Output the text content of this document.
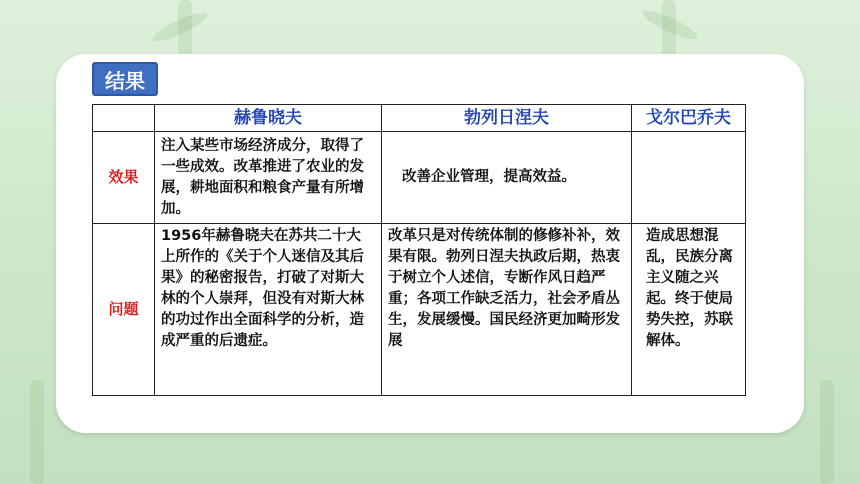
结果
	赫鲁晓夫	勃列日涅夫	戈尔巴乔夫
效果	注入某些市场经济成分，取得了一些成效。改革推进了农业的发展，耕地面积和粮食产量有所增加。	改善企业管理，提高效益。	
问题	1956年赫鲁晓夫在苏共二十大上所作的《关于个人迷信及其后果》的秘密报告，打破了对斯大林的个人崇拜，但没有对斯大林的功过作出全面科学的分析，造成严重的后遗症。	改革只是对传统体制的修修补补，效果有限。勃列日涅夫执政后期，热衷于树立个人述信，专断作风日趋严重；各项工作缺乏活力，社会矛盾丛生，发展缓慢。国民经济更加畸形发展	造成思想混乱，民族分离主义随之兴起。终于使局势失控，苏联解体。
